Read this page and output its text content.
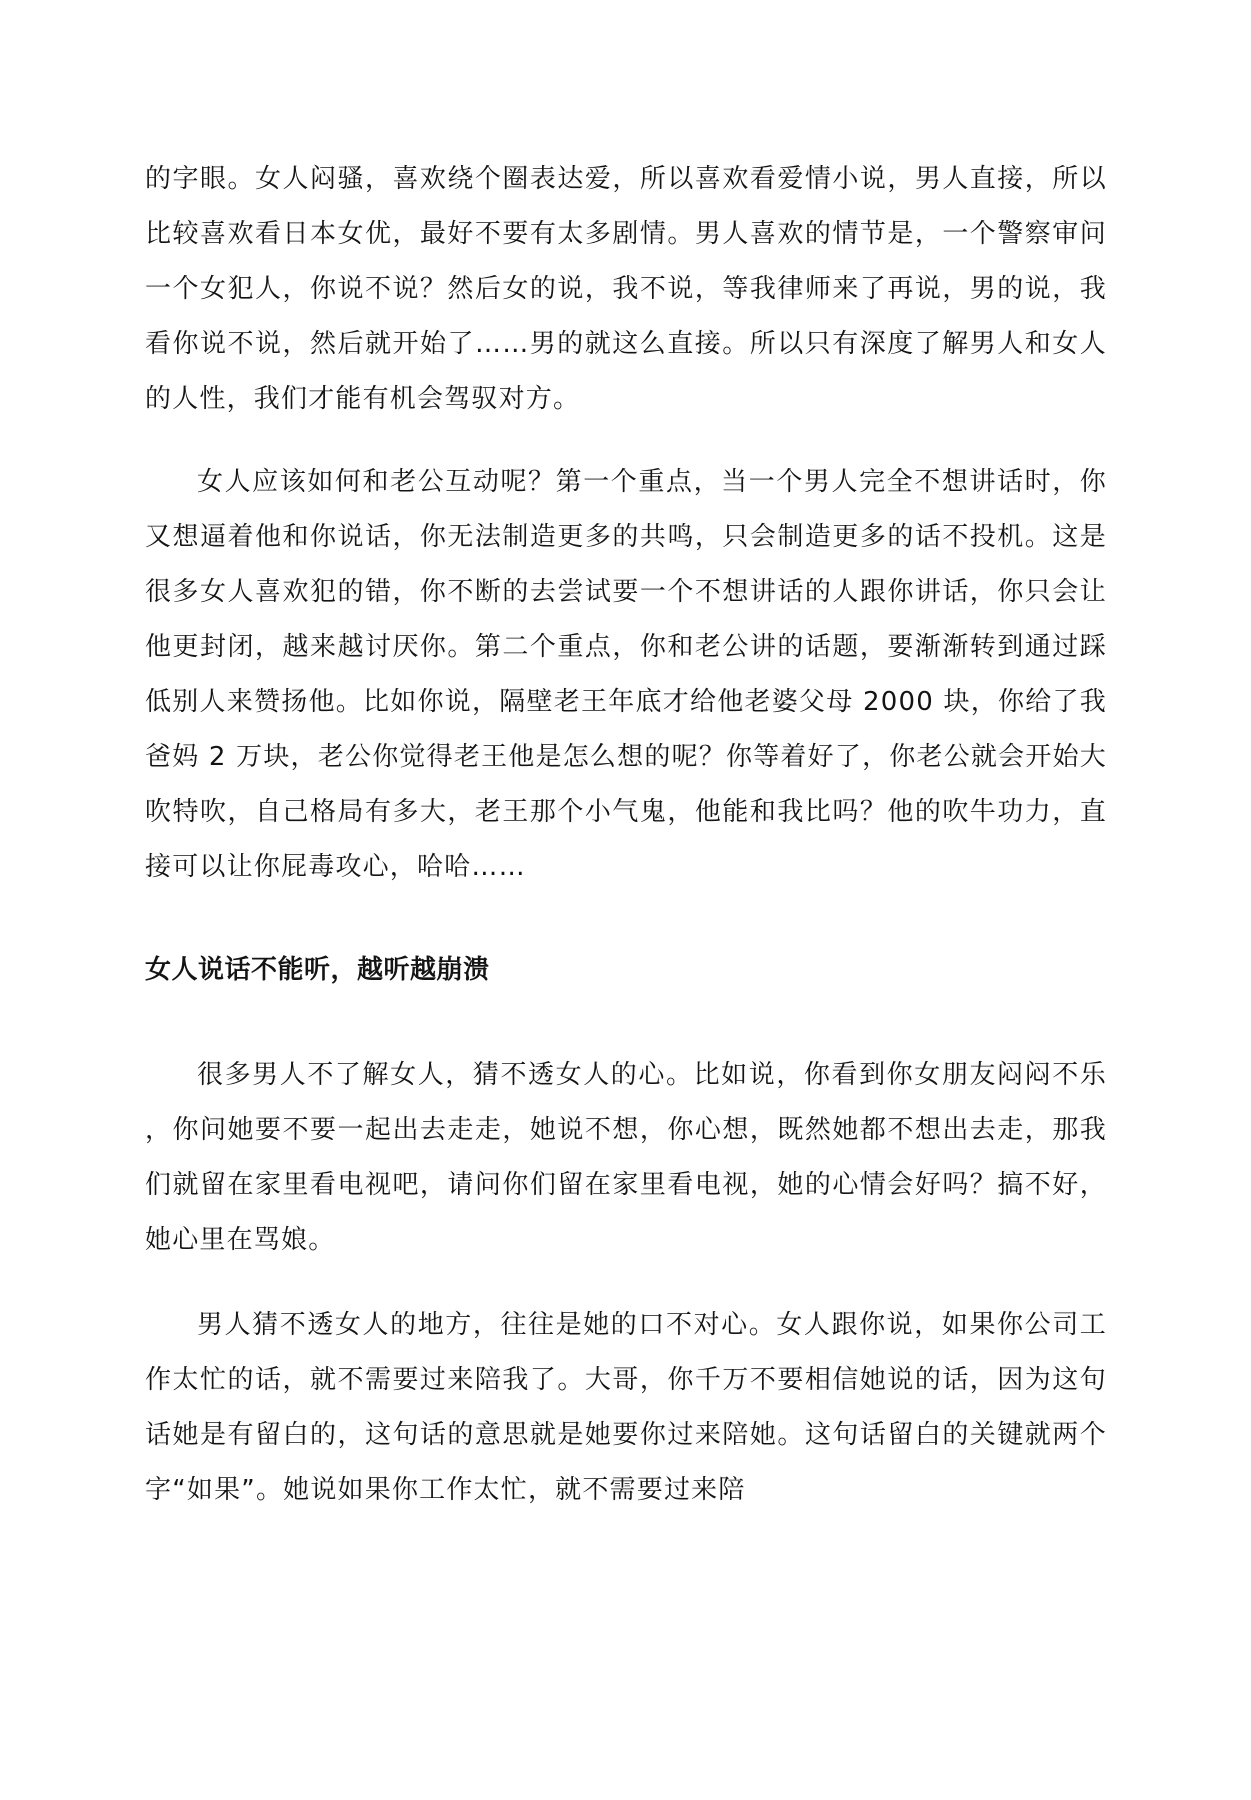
的字眼。女人闷骚，喜欢绕个圈表达爱，所以喜欢看爱情小说，男人直接，所以比较喜欢看日本女优，最好不要有太多剧情。男人喜欢的情节是，一个警察审问一个女犯人，你说不说？然后女的说，我不说，等我律师来了再说，男的说，我看你说不说，然后就开始了……男的就这么直接。所以只有深度了解男人和女人的人性，我们才能有机会驾驭对方。

女人应该如何和老公互动呢？第一个重点，当一个男人完全不想讲话时，你又想逼着他和你说话，你无法制造更多的共鸣，只会制造更多的话不投机。这是很多女人喜欢犯的错，你不断的去尝试要一个不想讲话的人跟你讲话，你只会让他更封闭，越来越讨厌你。第二个重点，你和老公讲的话题，要渐渐转到通过踩低别人来赞扬他。比如你说，隔壁老王年底才给他老婆父母 2000 块，你给了我爸妈 2 万块，老公你觉得老王他是怎么想的呢？你等着好了，你老公就会开始大吹特吹，自己格局有多大，老王那个小气鬼，他能和我比吗？他的吹牛功力，直接可以让你屁毒攻心，哈哈……

女人说话不能听，越听越崩溃

很多男人不了解女人，猜不透女人的心。比如说，你看到你女朋友闷闷不乐，你问她要不要一起出去走走，她说不想，你心想，既然她都不想出去走，那我们就留在家里看电视吧，请问你们留在家里看电视，她的心情会好吗？搞不好，她心里在骂娘。

男人猜不透女人的地方，往往是她的口不对心。女人跟你说，如果你公司工作太忙的话，就不需要过来陪我了。大哥，你千万不要相信她说的话，因为这句话她是有留白的，这句话的意思就是她要你过来陪她。这句话留白的关键就两个字“如果”。她说如果你工作太忙，就不需要过来陪
